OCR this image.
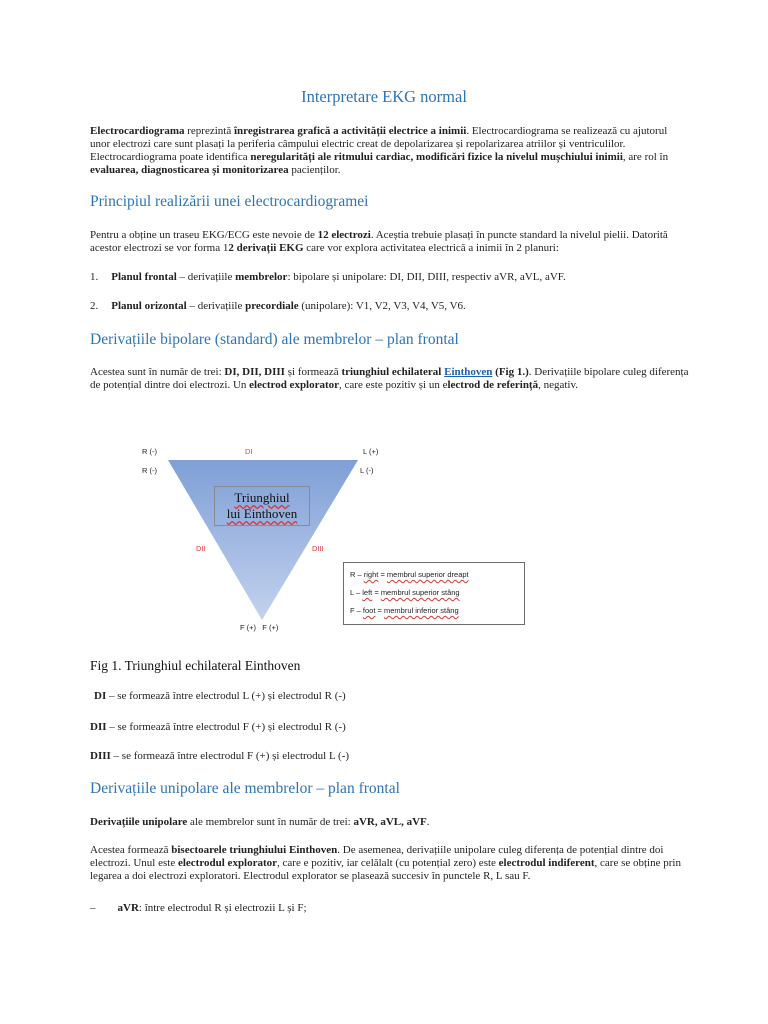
Interpretare EKG normal
Electrocardiograma reprezintă înregistrarea grafică a activității electrice a inimii. Electrocardiograma se realizează cu ajutorul unor electrozi care sunt plasați la periferia câmpului electric creat de depolarizarea și repolarizarea atriilor și ventriculilor. Electrocardiograma poate identifica neregularități ale ritmului cardiac, modificări fizice la nivelul mușchiului inimii, are rol în evaluarea, diagnosticarea și monitorizarea pacienților.
Principiul realizării unei electrocardiogramei
Pentru a obține un traseu EKG/ECG este nevoie de 12 electrozi. Aceștia trebuie plasați în puncte standard la nivelul pielii. Datorită acestor electrozi se vor forma 12 derivații EKG care vor explora activitatea electrică a inimii în 2 planuri:
1. Planul frontal – derivațiile membrelor: bipolare și unipolare: DI, DII, DIII, respectiv aVR, aVL, aVF.
2. Planul orizontal – derivațiile precordiale (unipolare): V1, V2, V3, V4, V5, V6.
Derivațiile bipolare (standard) ale membrelor – plan frontal
Acestea sunt în număr de trei: DI, DII, DIII și formează triunghiul echilateral Einthoven (Fig 1.). Derivațiile bipolare culeg diferența de potențial dintre doi electrozi. Un electrod explorator, care este pozitiv și un electrod de referință, negativ.
R (-)
R (-)
DI	L (+)
L (-)
DII	DIII
F (+)   F (+)
Triunghiul
lui Einthoven
R – right = membrul superior dreapt
L – left = membrul superior stâng
F – foot = membrul inferior stâng
Fig 1. Triunghiul echilateral Einthoven
DI – se formează între electrodul L (+) și electrodul R (-)
DII – se formează între electrodul F (+) și electrodul R (-)
DIII – se formează între electrodul F (+) și electrodul L (-)
Derivațiile unipolare ale membrelor – plan frontal
Derivațiile unipolare ale membrelor sunt în număr de trei: aVR, aVL, aVF.
Acestea formează bisectoarele triunghiului Einthoven. De asemenea, derivațiile unipolare culeg diferența de potențial dintre doi electrozi. Unul este electrodul explorator, care e pozitiv, iar celălalt (cu potențial zero) este electrodul indiferent, care se obține prin legarea a doi electrozi exploratori. Electrodul explorator se plasează succesiv în punctele R, L sau F.
– aVR: între electrodul R și electrozii L și F;
